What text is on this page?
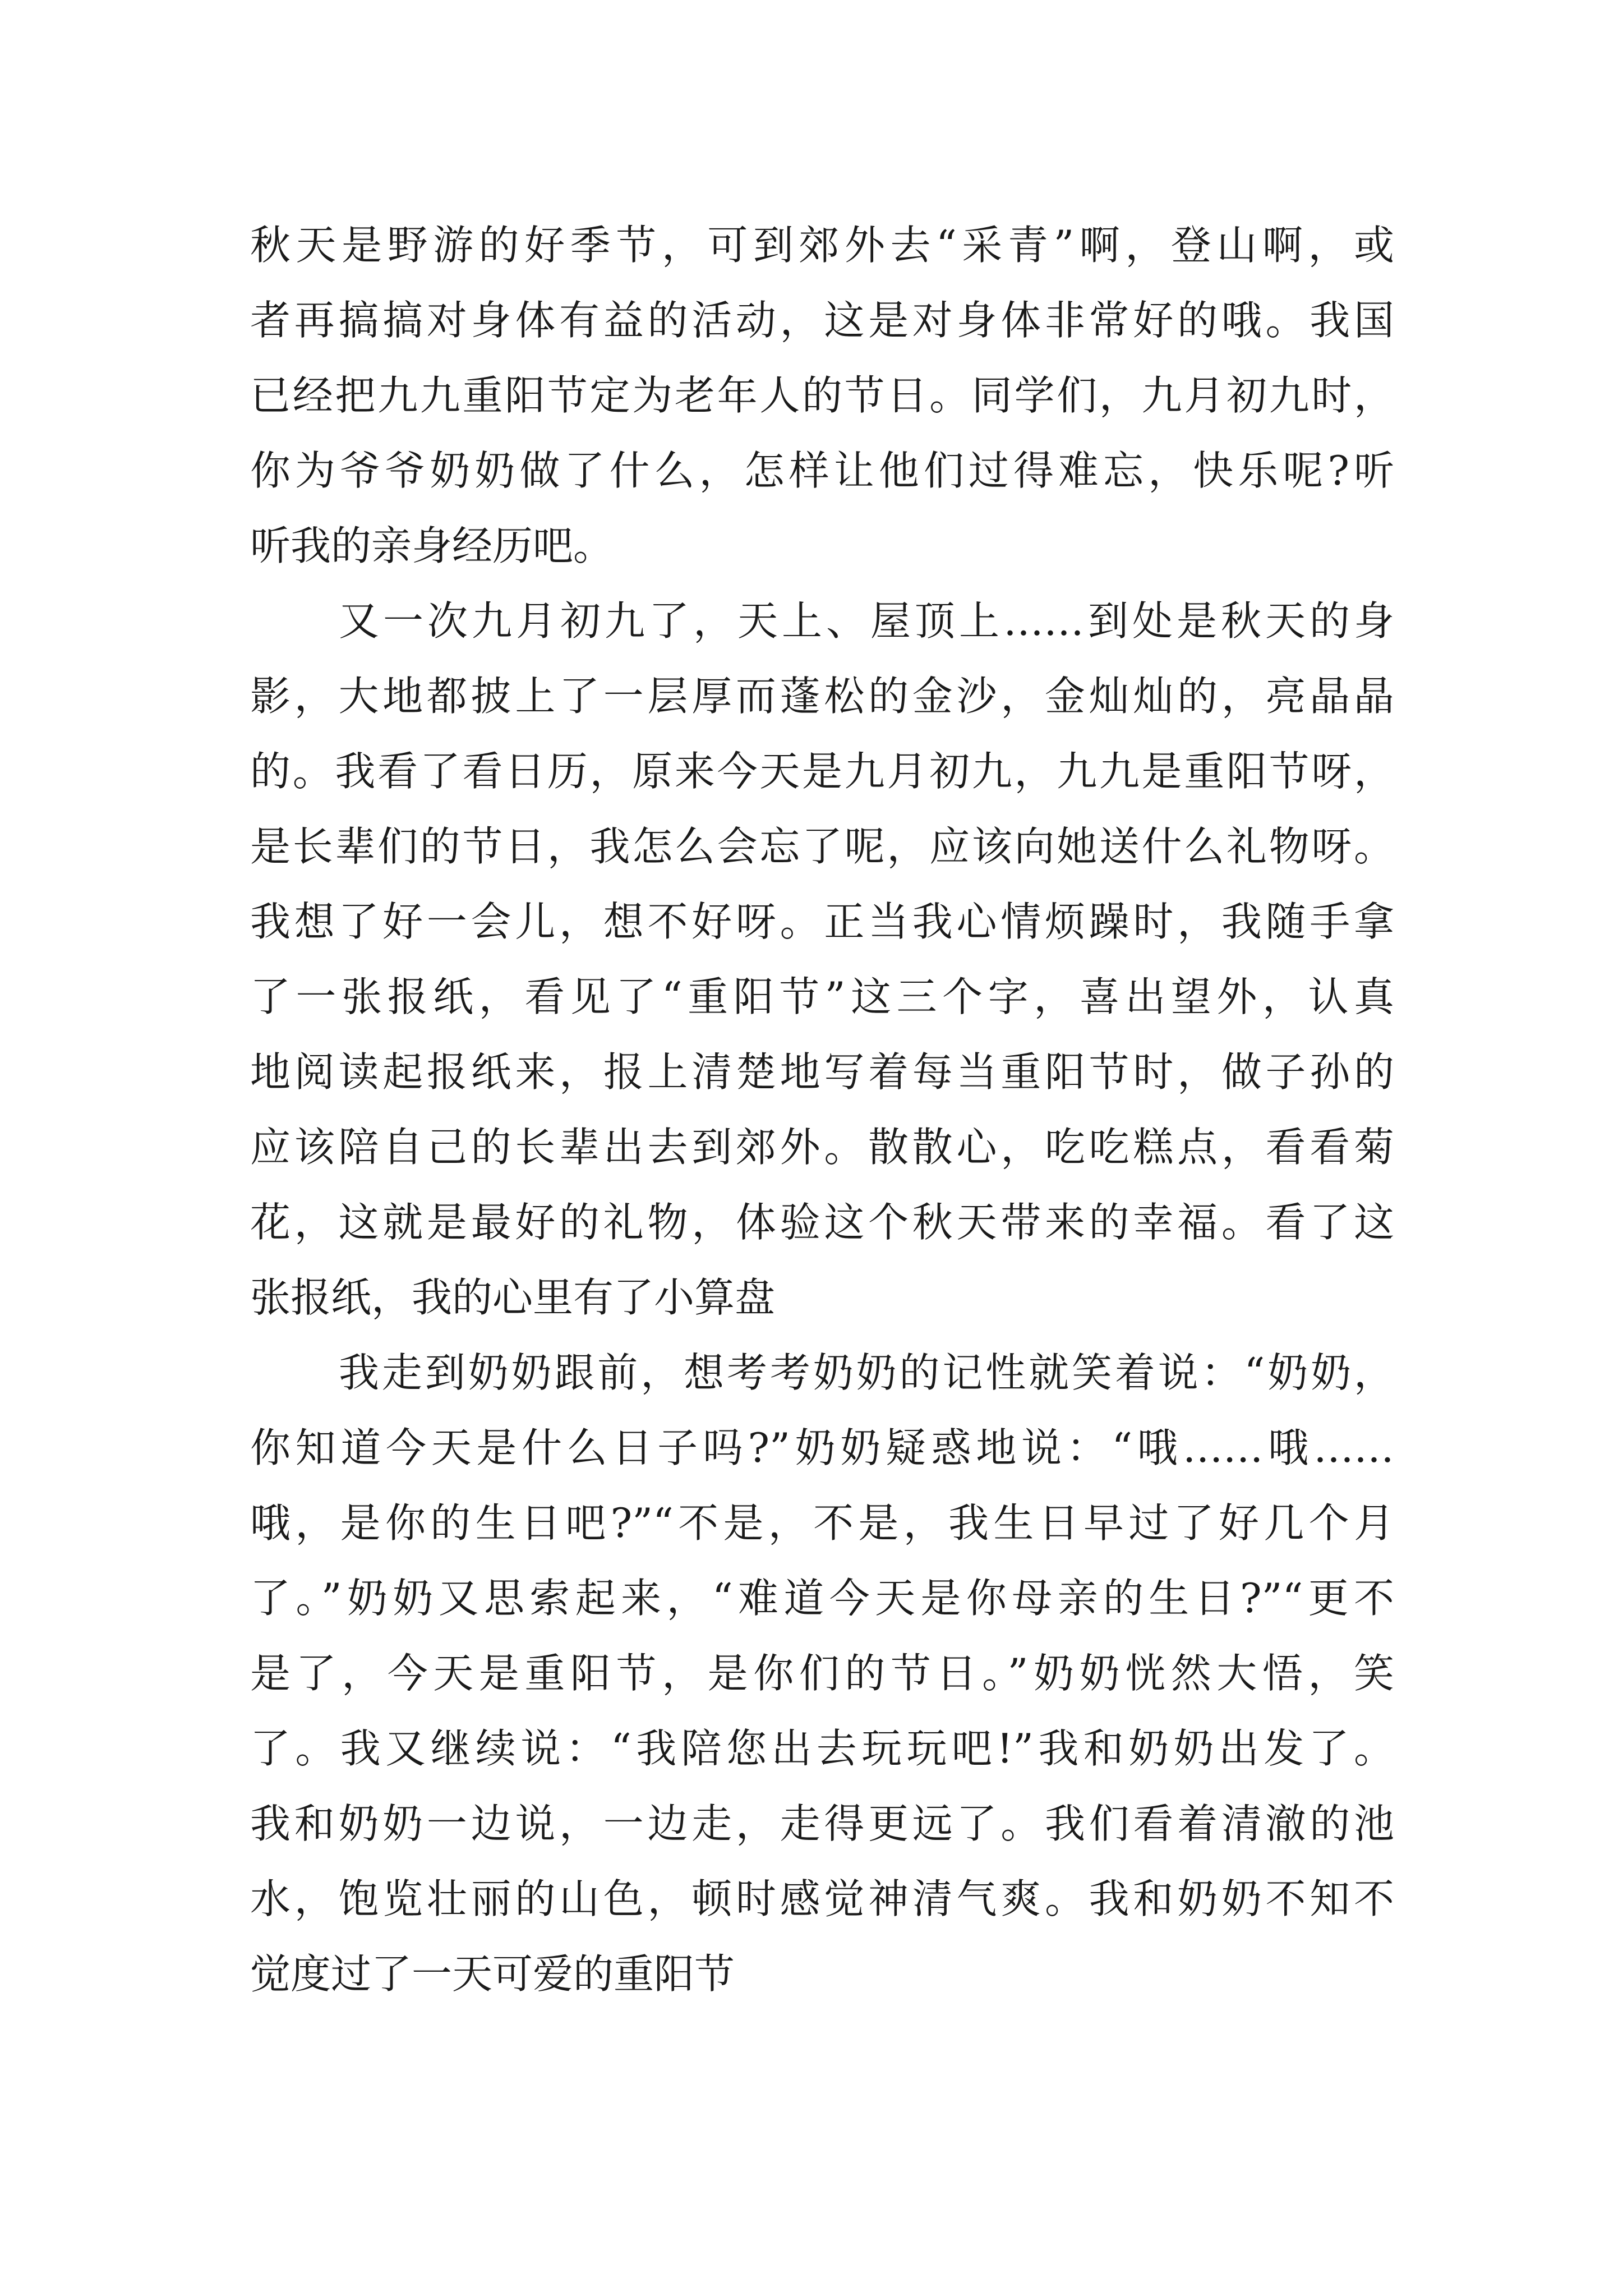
秋天是野游的好季节，可到郊外去“采青”啊，登山啊，或
者再搞搞对身体有益的活动，这是对身体非常好的哦。我国
已经把九九重阳节定为老年人的节日。同学们，九月初九时，
你为爷爷奶奶做了什么，怎样让他们过得难忘，快乐呢?听
听我的亲身经历吧。

又一次九月初九了，天上、屋顶上……到处是秋天的身
影，大地都披上了一层厚而蓬松的金沙，金灿灿的，亮晶晶
的。我看了看日历，原来今天是九月初九，九九是重阳节呀，
是长辈们的节日，我怎么会忘了呢，应该向她送什么礼物呀。
我想了好一会儿，想不好呀。正当我心情烦躁时，我随手拿
了一张报纸，看见了“重阳节”这三个字，喜出望外，认真
地阅读起报纸来，报上清楚地写着每当重阳节时，做子孙的
应该陪自己的长辈出去到郊外。散散心，吃吃糕点，看看菊
花，这就是最好的礼物，体验这个秋天带来的幸福。看了这
张报纸，我的心里有了小算盘

我走到奶奶跟前，想考考奶奶的记性就笑着说：“奶奶，
你知道今天是什么日子吗?”奶奶疑惑地说：“哦……哦……
哦，是你的生日吧?”“不是，不是，我生日早过了好几个月
了。”奶奶又思索起来，“难道今天是你母亲的生日?”“更不
是了，今天是重阳节，是你们的节日。”奶奶恍然大悟，笑
了。我又继续说：“我陪您出去玩玩吧!”我和奶奶出发了。
我和奶奶一边说，一边走，走得更远了。我们看着清澈的池
水，饱览壮丽的山色，顿时感觉神清气爽。我和奶奶不知不
觉度过了一天可爱的重阳节
